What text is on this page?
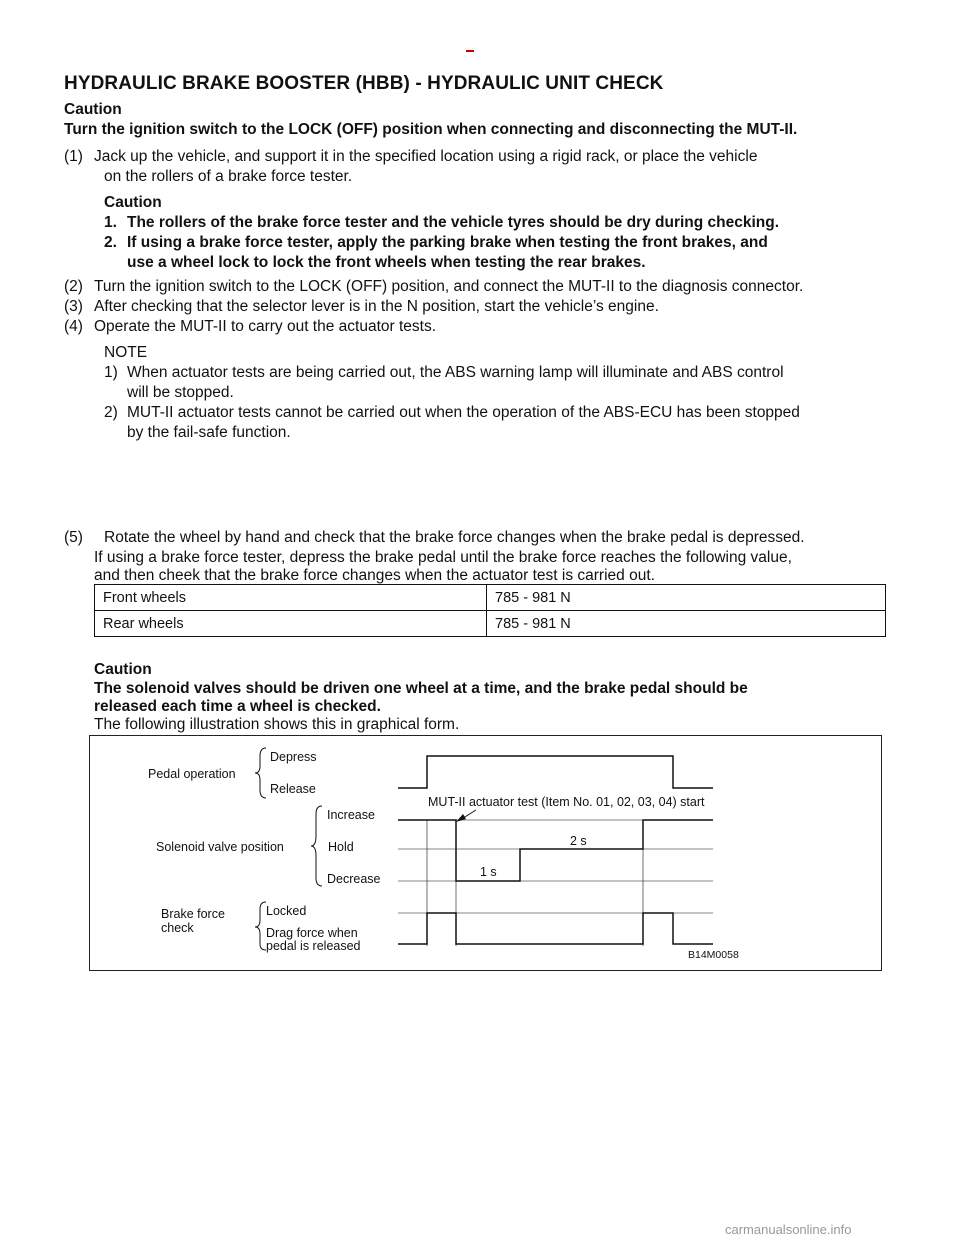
HYDRAULIC BRAKE BOOSTER (HBB) - HYDRAULIC UNIT CHECK
Caution
Turn the ignition switch to the LOCK (OFF) position when connecting and disconnecting the MUT-II.
(1) Jack up the vehicle, and support it in the specified location using a rigid rack, or place the vehicle
on the rollers of a brake force tester.
Caution
1. The rollers of the brake force tester and the vehicle tyres should be dry during checking.
2. If using a brake force tester, apply the parking brake when testing the front brakes, and
use a wheel lock to lock the front wheels when testing the rear brakes.
(2) Turn the ignition switch to the LOCK (OFF) position, and connect the MUT-II to the diagnosis connector.
(3) After checking that the selector lever is in the N position, start the vehicle’s engine.
(4) Operate the MUT-II to carry out the actuator tests.
NOTE
1) When actuator tests are being carried out, the ABS warning lamp will illuminate and ABS control
will be stopped.
2) MUT-II actuator tests cannot be carried out when the operation of the ABS-ECU has been stopped
by the fail-safe function.
(5) Rotate the wheel by hand and check that the brake force changes when the brake pedal is depressed.
If using a brake force tester, depress the brake pedal until the brake force reaches the following value,
and then cheek that the brake force changes when the actuator test is carried out.
Front wheels	785 - 981 N
Rear wheels	785 - 981 N
Caution
The solenoid valves should be driven one wheel at a time, and the brake pedal should be
released each time a wheel is checked.
The following illustration shows this in graphical form.
Pedal operation
Depress
Release
MUT-II actuator test (Item No. 01, 02, 03, 04) start
Solenoid valve position
Increase
Hold
Decrease
2 s
1 s
Brake force
check
Locked
Drag force when
pedal is released
B14M0058
carmanualsonline.info
